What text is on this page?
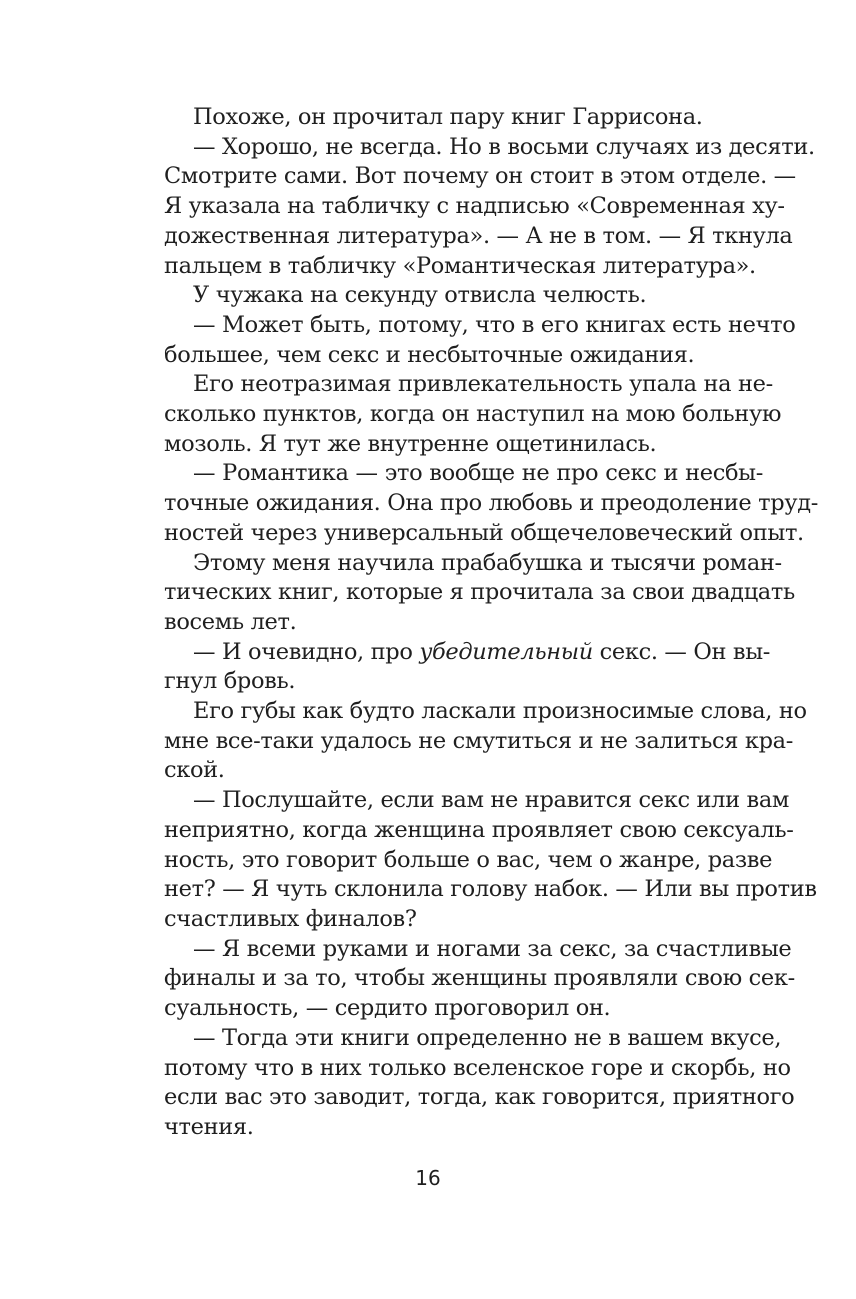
Похоже, он прочитал пару книг Гаррисона.
— Хорошо, не всегда. Но в восьми случаях из десяти.
Смотрите сами. Вот почему он стоит в этом отделе. —
Я указала на табличку с надписью «Современная ху-
дожественная литература». — А не в том. — Я ткнула
пальцем в табличку «Романтическая литература».
У чужака на секунду отвисла челюсть.
— Может быть, потому, что в его книгах есть нечто
большее, чем секс и несбыточные ожидания.
Его неотразимая привлекательность упала на не-
сколько пунктов, когда он наступил на мою больную
мозоль. Я тут же внутренне ощетинилась.
— Романтика — это вообще не про секс и несбы-
точные ожидания. Она про любовь и преодоление труд-
ностей через универсальный общечеловеческий опыт.
Этому меня научила прабабушка и тысячи роман-
тических книг, которые я прочитала за свои двадцать
восемь лет.
— И очевидно, про убедительный секс. — Он вы-
гнул бровь.
Его губы как будто ласкали произносимые слова, но
мне все-таки удалось не смутиться и не залиться кра-
ской.
— Послушайте, если вам не нравится секс или вам
неприятно, когда женщина проявляет свою сексуаль-
ность, это говорит больше о вас, чем о жанре, разве
нет? — Я чуть склонила голову набок. — Или вы против
счастливых финалов?
— Я всеми руками и ногами за секс, за счастливые
финалы и за то, чтобы женщины проявляли свою сек-
суальность, — сердито проговорил он.
— Тогда эти книги определенно не в вашем вкусе,
потому что в них только вселенское горе и скорбь, но
если вас это заводит, тогда, как говорится, приятного
чтения.
16
